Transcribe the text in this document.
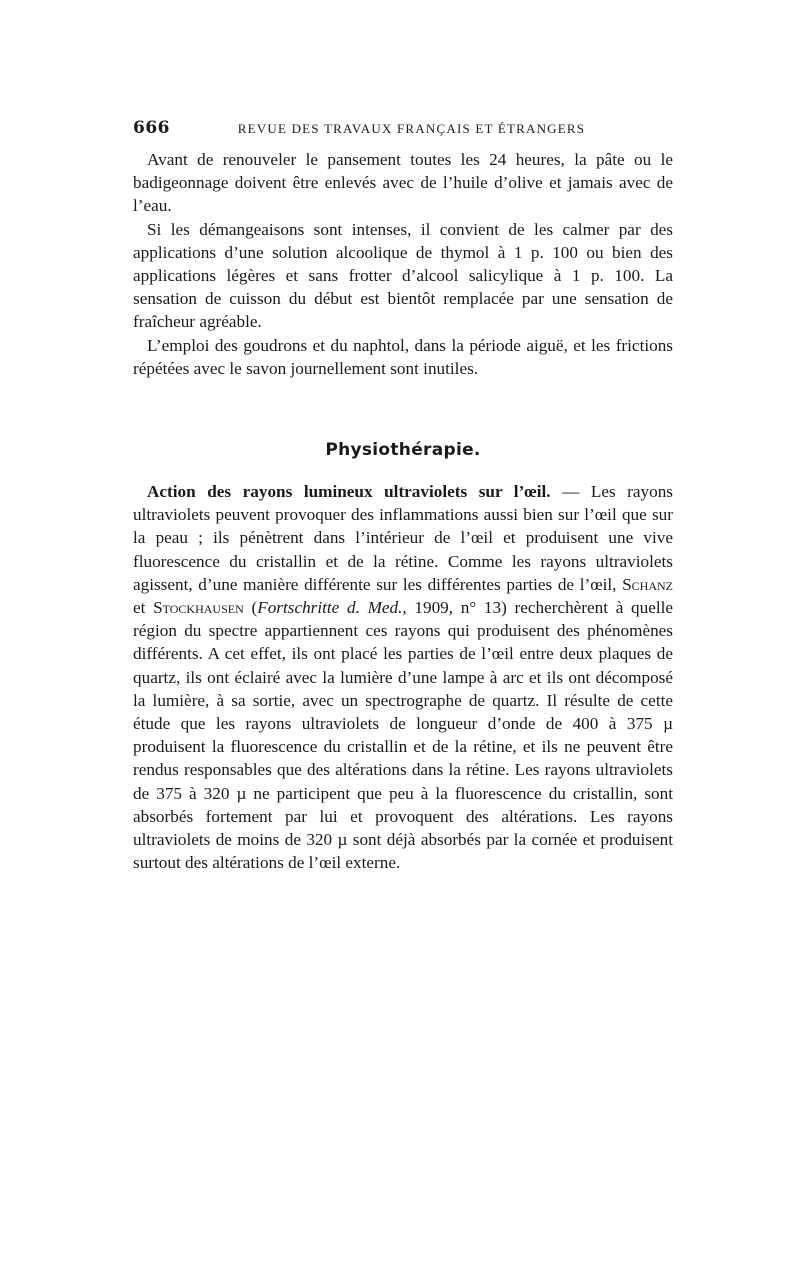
666	REVUE DES TRAVAUX FRANÇAIS ET ÉTRANGERS

Avant de renouveler le pansement toutes les 24 heures, la pâte ou le badigeonnage doivent être enlevés avec de l’huile d’olive et jamais avec de l’eau.

Si les démangeaisons sont intenses, il convient de les calmer par des applications d’une solution alcoolique de thymol à 1 p. 100 ou bien des applications légères et sans frotter d’alcool salicylique à 1 p. 100. La sensation de cuisson du début est bientôt remplacée par une sensation de fraîcheur agréable.

L’emploi des goudrons et du naphtol, dans la période aiguë, et les frictions répétées avec le savon journellement sont inutiles.

Physiothérapie.

Action des rayons lumineux ultraviolets sur l’œil. — Les rayons ultraviolets peuvent provoquer des inflammations aussi bien sur l’œil que sur la peau ; ils pénètrent dans l’intérieur de l’œil et produisent une vive fluorescence du cristallin et de la rétine. Comme les rayons ultraviolets agissent, d’une manière différente sur les différentes parties de l’œil, Schanz et Stockhausen (Fortschritte d. Med., 1909, n° 13) recherchèrent à quelle région du spectre appartiennent ces rayons qui produisent des phénomènes différents. A cet effet, ils ont placé les parties de l’œil entre deux plaques de quartz, ils ont éclairé avec la lumière d’une lampe à arc et ils ont décomposé la lumière, à sa sortie, avec un spectrographe de quartz. Il résulte de cette étude que les rayons ultraviolets de longueur d’onde de 400 à 375 µ produisent la fluorescence du cristallin et de la rétine, et ils ne peuvent être rendus responsables que des altérations dans la rétine. Les rayons ultraviolets de 375 à 320 µ ne participent que peu à la fluorescence du cristallin, sont absorbés fortement par lui et provoquent des altérations. Les rayons ultraviolets de moins de 320 µ sont déjà absorbés par la cornée et produisent surtout des altérations de l’œil externe.
